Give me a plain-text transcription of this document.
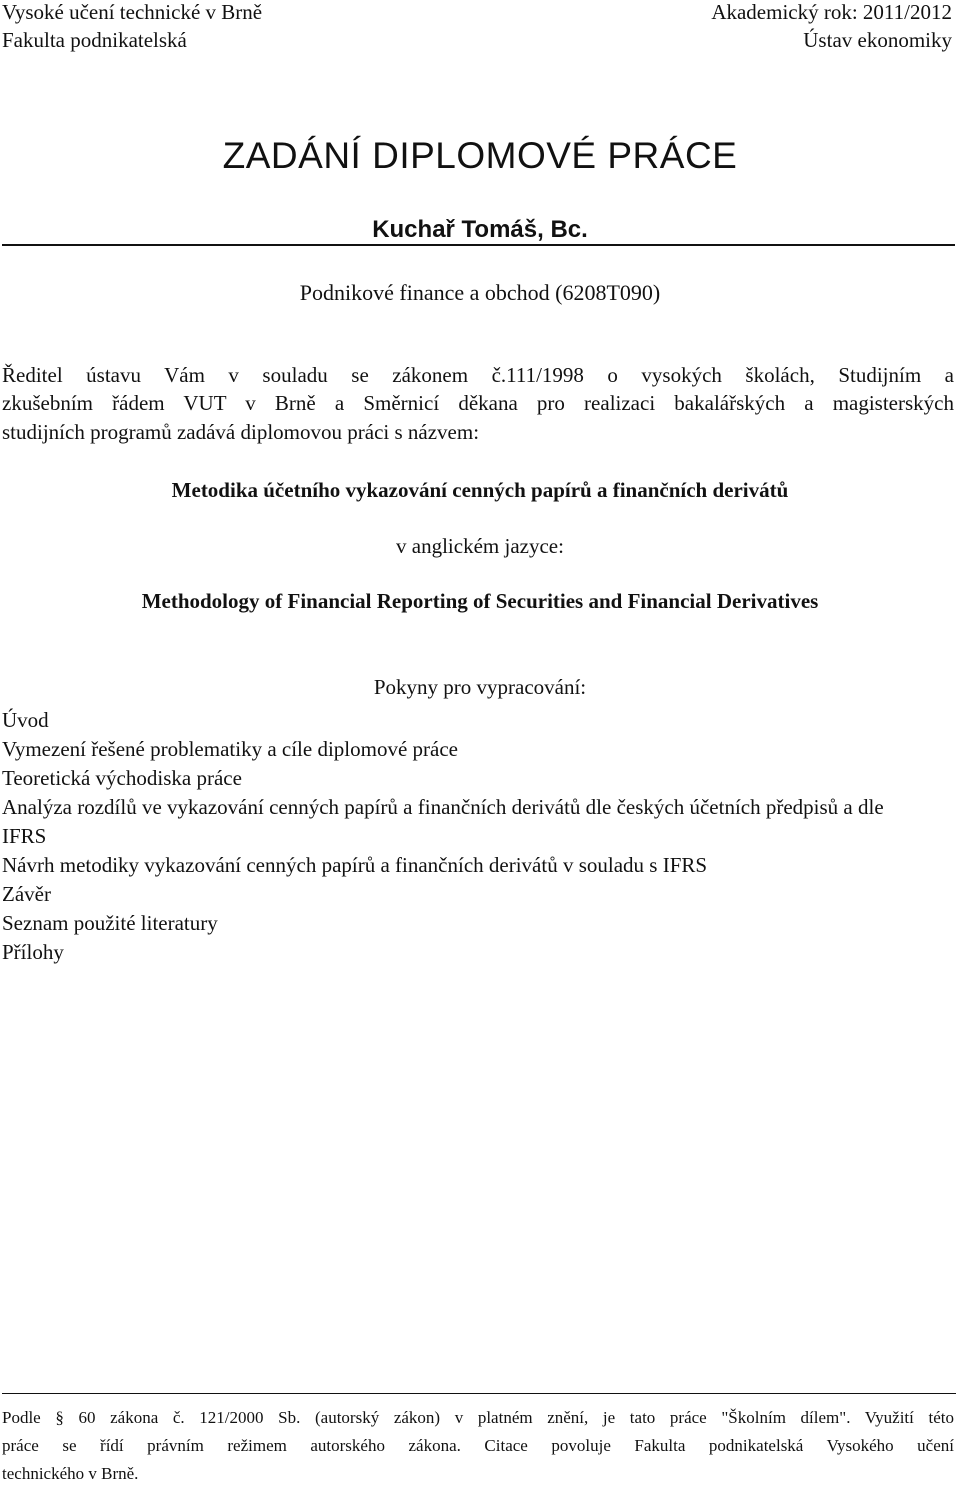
Vysoké učení technické v Brně	Akademický rok: 2011/2012
Fakulta podnikatelská	Ústav ekonomiky
ZADÁNÍ DIPLOMOVÉ PRÁCE
Kuchař Tomáš, Bc.
Podnikové finance a obchod (6208T090)
Ředitel ústavu Vám v souladu se zákonem č.111/1998 o vysokých školách, Studijním a
zkušebním řádem VUT v Brně a Směrnicí děkana pro realizaci bakalářských a magisterských
studijních programů zadává diplomovou práci s názvem:
Metodika účetního vykazování cenných papírů a finančních derivátů
v anglickém jazyce:
Methodology of Financial Reporting of Securities and Financial Derivatives
Pokyny pro vypracování:
Úvod
Vymezení řešené problematiky a cíle diplomové práce
Teoretická východiska práce
Analýza rozdílů ve vykazování cenných papírů a finančních derivátů dle českých účetních předpisů a dle IFRS
Návrh metodiky vykazování cenných papírů a finančních derivátů v souladu s IFRS
Závěr
Seznam použité literatury
Přílohy
Podle § 60 zákona č. 121/2000 Sb. (autorský zákon) v platném znění, je tato práce "Školním dílem". Využití této
práce se řídí právním režimem autorského zákona. Citace povoluje Fakulta podnikatelská Vysokého učení
technického v Brně.
